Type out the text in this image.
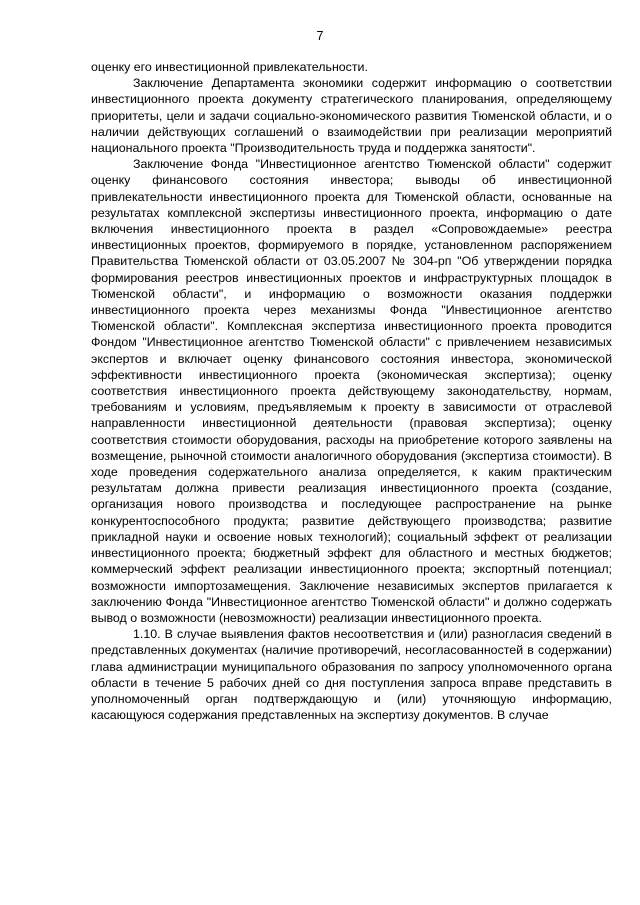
7

оценку его инвестиционной привлекательности.

Заключение Департамента экономики содержит информацию о соответствии инвестиционного проекта документу стратегического планирования, определяющему приоритеты, цели и задачи социально-экономического развития Тюменской области, и о наличии действующих соглашений о взаимодействии при реализации мероприятий национального проекта "Производительность труда и поддержка занятости".

Заключение Фонда "Инвестиционное агентство Тюменской области" содержит оценку финансового состояния инвестора; выводы об инвестиционной привлекательности инвестиционного проекта для Тюменской области, основанные на результатах комплексной экспертизы инвестиционного проекта, информацию о дате включения инвестиционного проекта в раздел «Сопровождаемые» реестра инвестиционных проектов, формируемого в порядке, установленном распоряжением Правительства Тюменской области от 03.05.2007 № 304-рп "Об утверждении порядка формирования реестров инвестиционных проектов и инфраструктурных площадок в Тюменской области", и информацию о возможности оказания поддержки инвестиционного проекта через механизмы Фонда "Инвестиционное агентство Тюменской области". Комплексная экспертиза инвестиционного проекта проводится Фондом "Инвестиционное агентство Тюменской области" с привлечением независимых экспертов и включает оценку финансового состояния инвестора, экономической эффективности инвестиционного проекта (экономическая экспертиза); оценку соответствия инвестиционного проекта действующему законодательству, нормам, требованиям и условиям, предъявляемым к проекту в зависимости от отраслевой направленности инвестиционной деятельности (правовая экспертиза); оценку соответствия стоимости оборудования, расходы на приобретение которого заявлены на возмещение, рыночной стоимости аналогичного оборудования (экспертиза стоимости). В ходе проведения содержательного анализа определяется, к каким практическим результатам должна привести реализация инвестиционного проекта (создание, организация нового производства и последующее распространение на рынке конкурентоспособного продукта; развитие действующего производства; развитие прикладной науки и освоение новых технологий); социальный эффект от реализации инвестиционного проекта; бюджетный эффект для областного и местных бюджетов; коммерческий эффект реализации инвестиционного проекта; экспортный потенциал; возможности импортозамещения. Заключение независимых экспертов прилагается к заключению Фонда "Инвестиционное агентство Тюменской области" и должно содержать вывод о возможности (невозможности) реализации инвестиционного проекта.

1.10. В случае выявления фактов несоответствия и (или) разногласия сведений в представленных документах (наличие противоречий, несогласованностей в содержании) глава администрации муниципального образования по запросу уполномоченного органа области в течение 5 рабочих дней со дня поступления запроса вправе представить в уполномоченный орган подтверждающую и (или) уточняющую информацию, касающуюся содержания представленных на экспертизу документов. В случае
